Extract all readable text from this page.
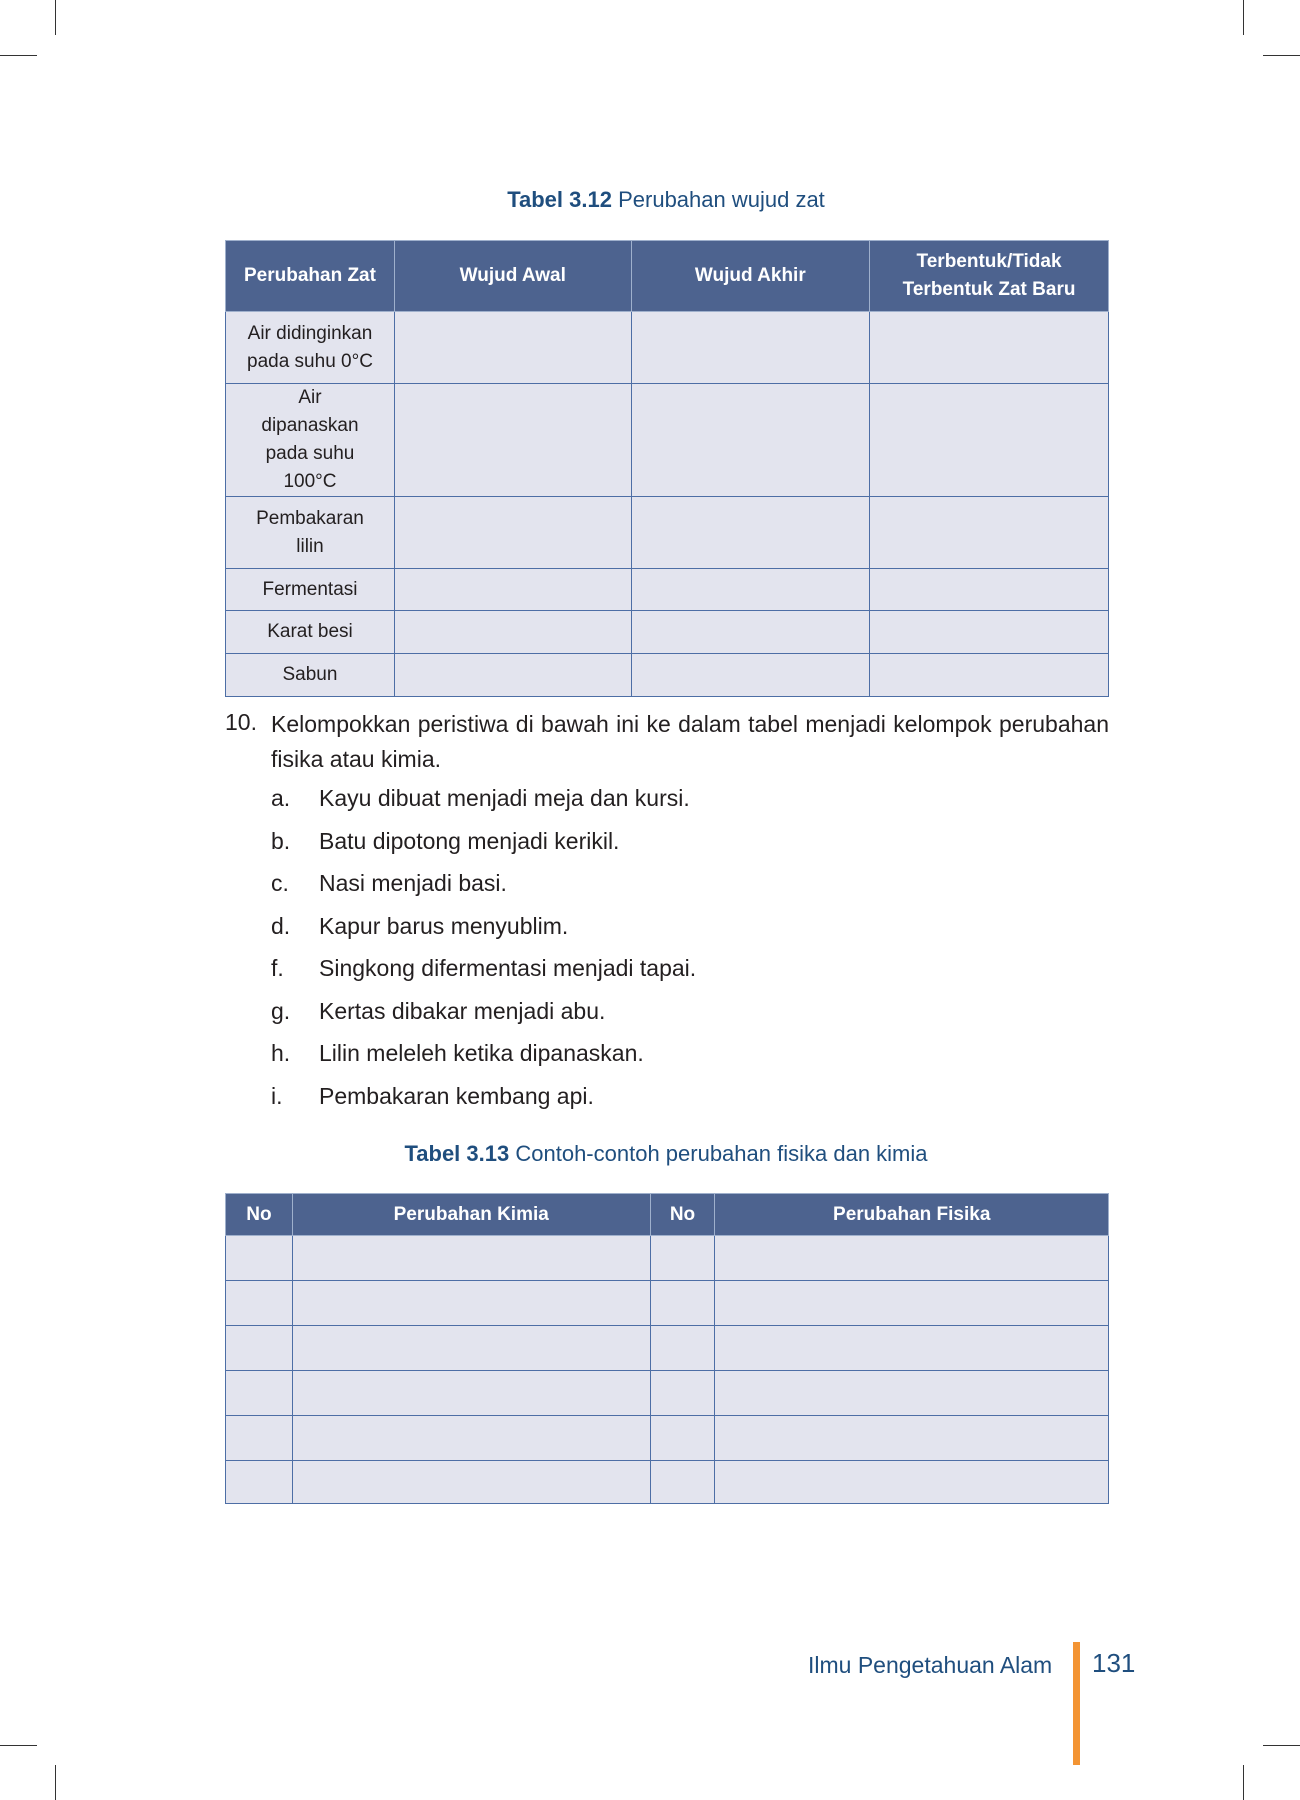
Tabel 3.12 Perubahan wujud zat
Perubahan Zat	Wujud Awal	Wujud Akhir	Terbentuk/Tidak Terbentuk Zat Baru
Air didinginkan pada suhu 0°C			
Air dipanaskan pada suhu 100°C			
Pembakaran lilin			
Fermentasi			
Karat besi			
Sabun			
10. Kelompokkan peristiwa di bawah ini ke dalam tabel menjadi kelompok perubahan fisika atau kimia.
a. Kayu dibuat menjadi meja dan kursi.
b. Batu dipotong menjadi kerikil.
c. Nasi menjadi basi.
d. Kapur barus menyublim.
f. Singkong difermentasi menjadi tapai.
g. Kertas dibakar menjadi abu.
h. Lilin meleleh ketika dipanaskan.
i. Pembakaran kembang api.
Tabel 3.13 Contoh-contoh perubahan fisika dan kimia
No	Perubahan Kimia	No	Perubahan Fisika

Ilmu Pengetahuan Alam 131
